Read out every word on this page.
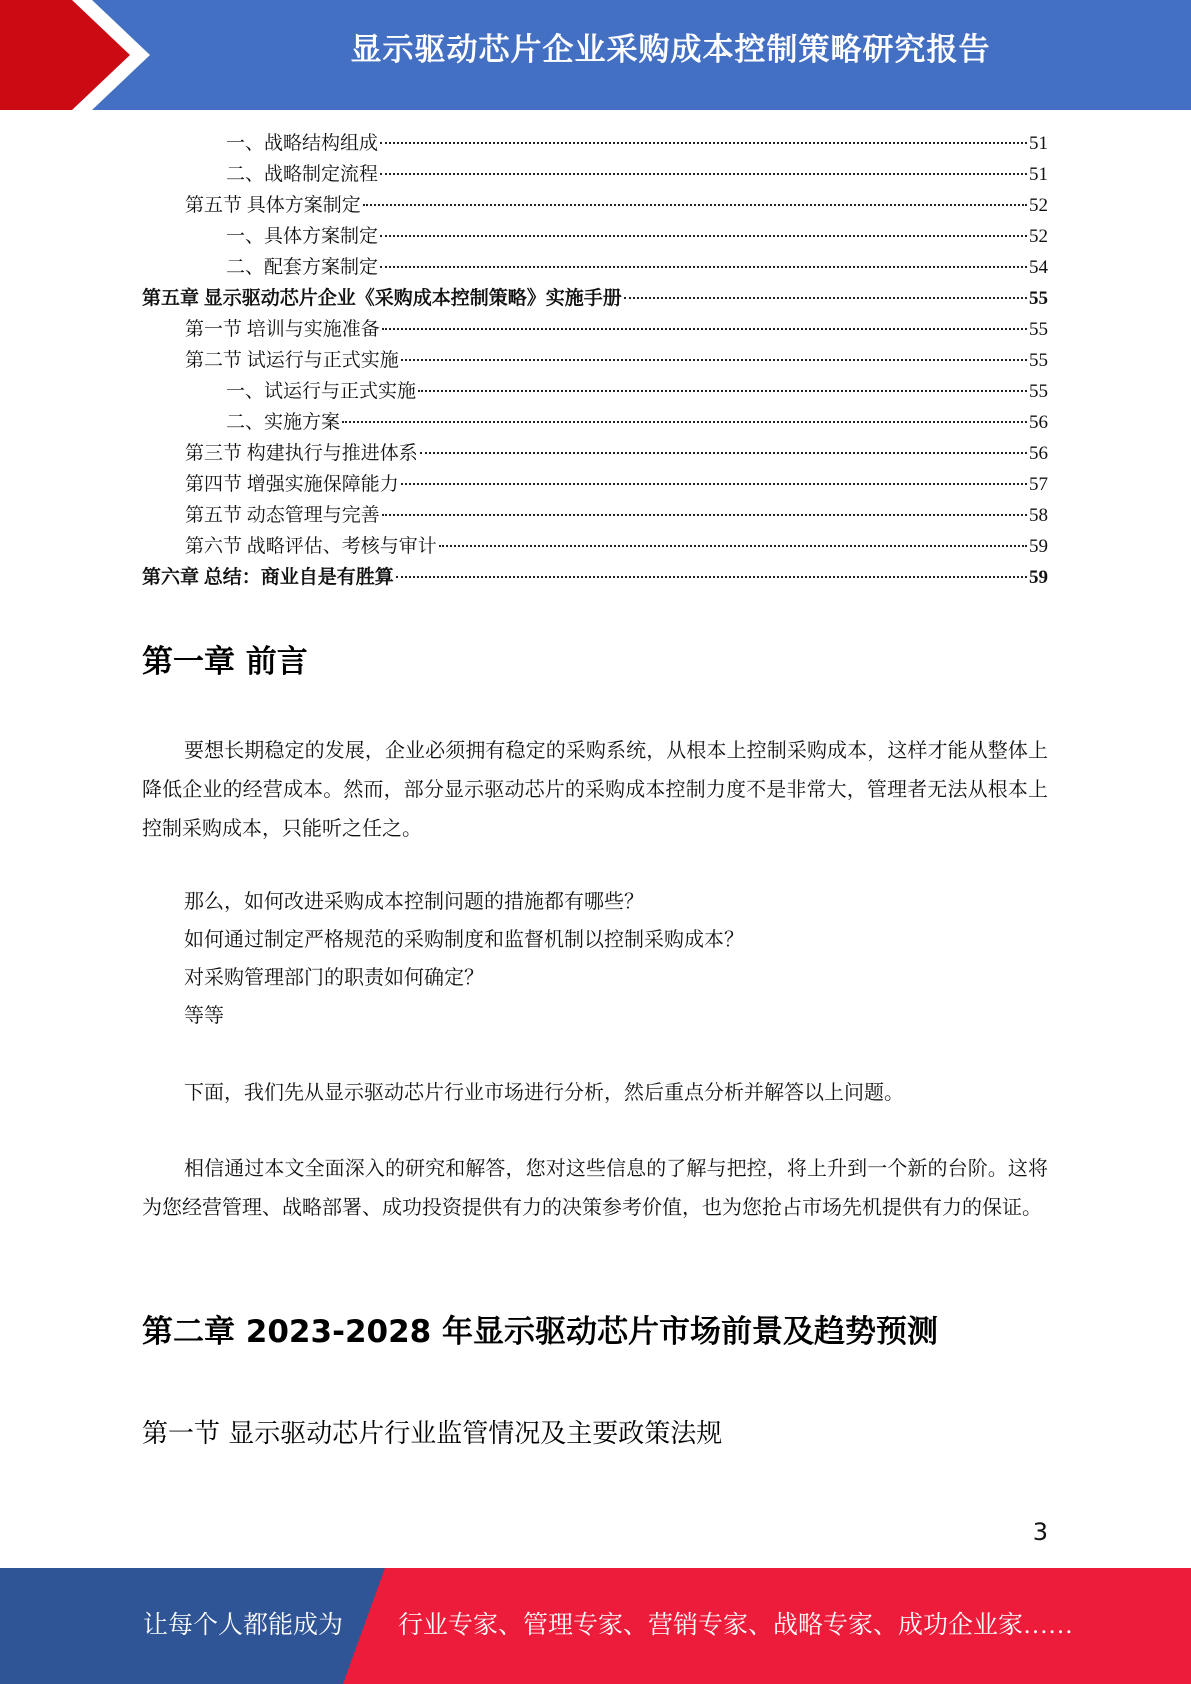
显示驱动芯片企业采购成本控制策略研究报告
一、战略结构组成	51
二、战略制定流程	51
第五节 具体方案制定	52
一、具体方案制定	52
二、配套方案制定	54
第五章 显示驱动芯片企业《采购成本控制策略》实施手册	55
第一节 培训与实施准备	55
第二节 试运行与正式实施	55
一、试运行与正式实施	55
二、实施方案	56
第三节 构建执行与推进体系	56
第四节 增强实施保障能力	57
第五节 动态管理与完善	58
第六节 战略评估、考核与审计	59
第六章 总结：商业自是有胜算	59
第一章 前言

要想长期稳定的发展，企业必须拥有稳定的采购系统，从根本上控制采购成本，这样才能从整体上降低企业的经营成本。然而，部分显示驱动芯片的采购成本控制力度不是非常大，管理者无法从根本上控制采购成本，只能听之任之。

那么，如何改进采购成本控制问题的措施都有哪些？

如何通过制定严格规范的采购制度和监督机制以控制采购成本？

对采购管理部门的职责如何确定？

等等

下面，我们先从显示驱动芯片行业市场进行分析，然后重点分析并解答以上问题。

相信通过本文全面深入的研究和解答，您对这些信息的了解与把控，将上升到一个新的台阶。这将为您经营管理、战略部署、成功投资提供有力的决策参考价值，也为您抢占市场先机提供有力的保证。

第二章 2023-2028 年显示驱动芯片市场前景及趋势预测
第一节 显示驱动芯片行业监管情况及主要政策法规
3
让每个人都能成为 行业专家、管理专家、营销专家、战略专家、成功企业家……
